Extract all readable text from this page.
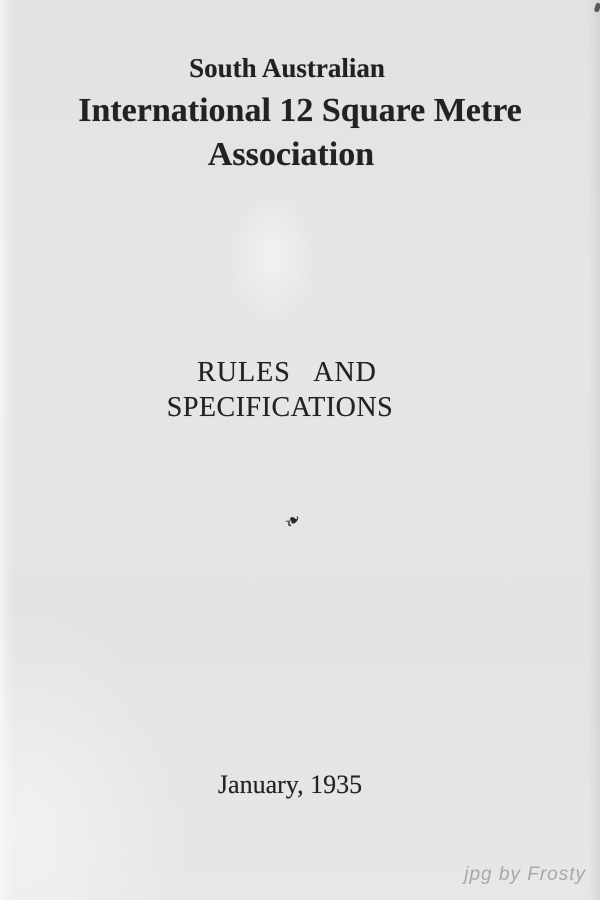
South Australian
International 12 Square Metre
Association
RULES AND
SPECIFICATIONS
❧
January, 1935
jpg by Frosty
